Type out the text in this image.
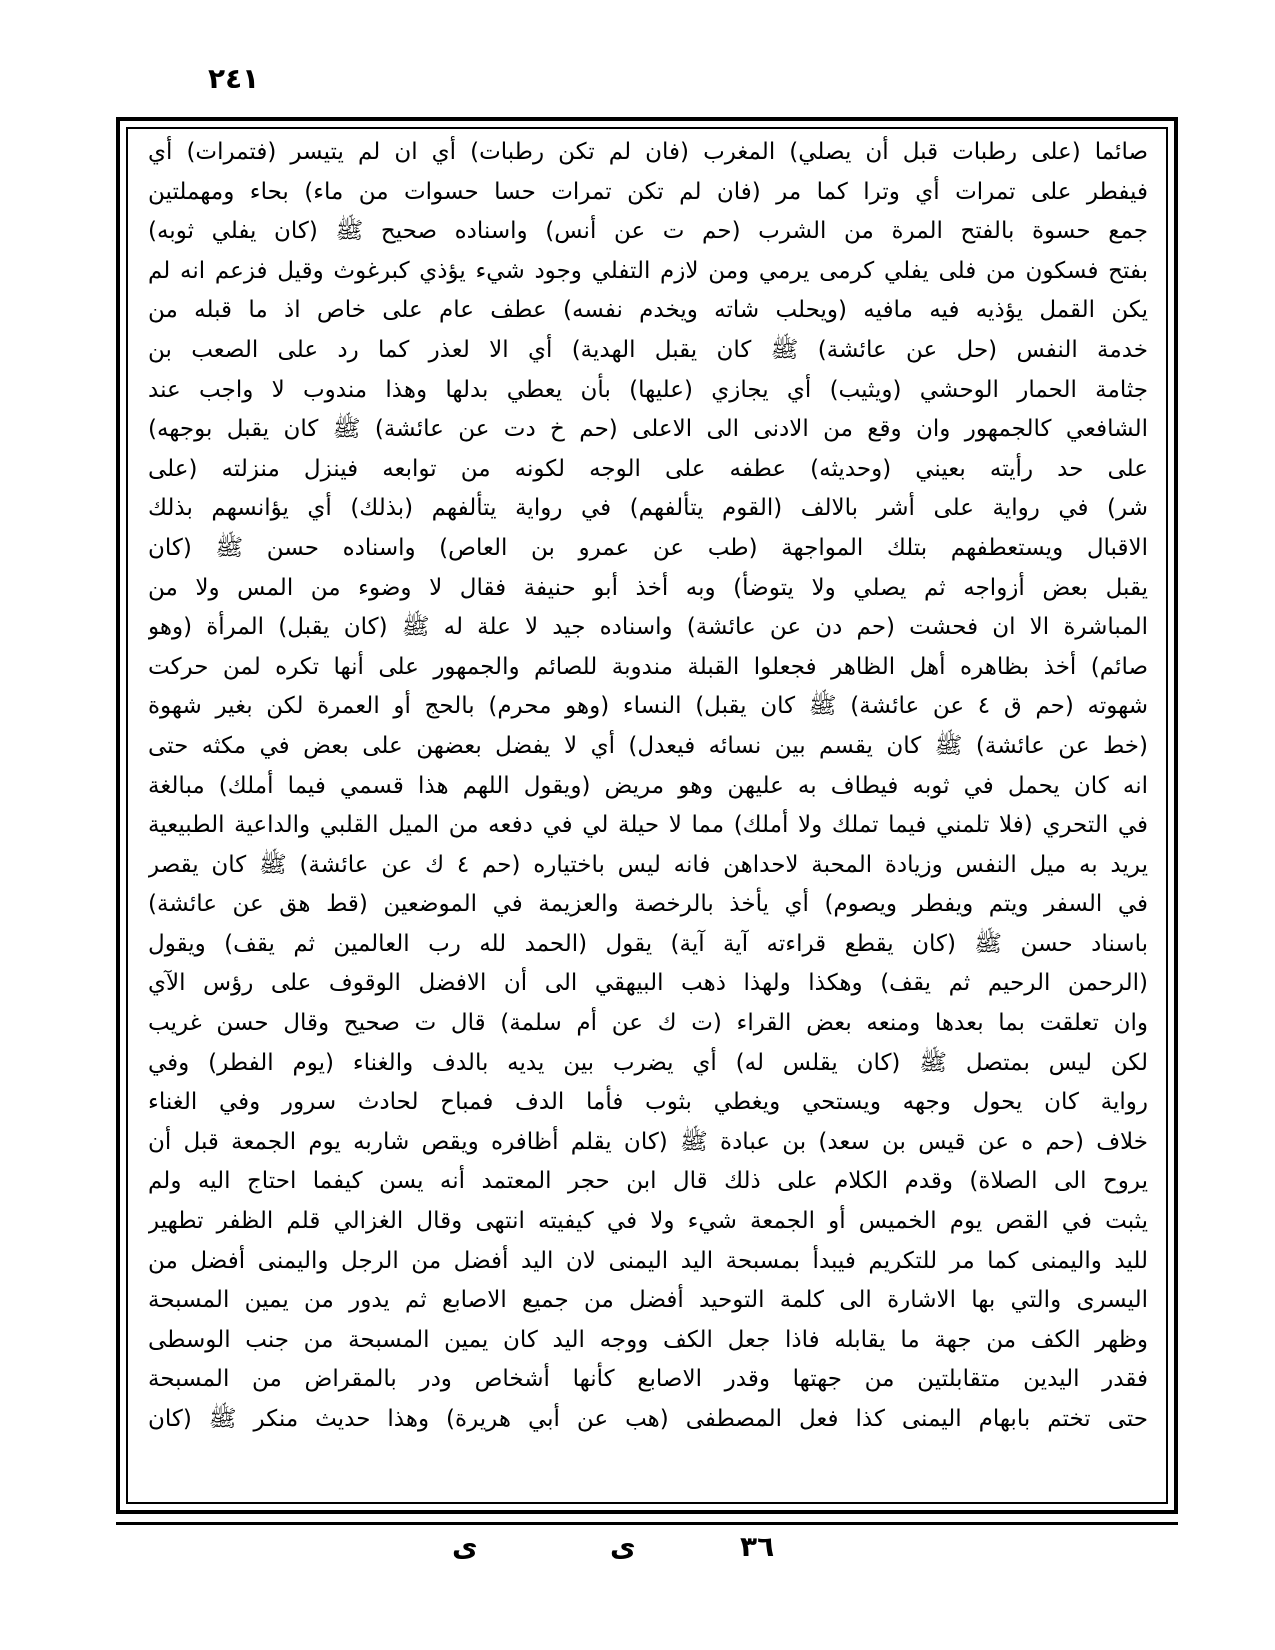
٢٤١
صائما (على رطبات قبل أن يصلي) المغرب (فان لم تكن رطبات) أي ان لم يتيسر (فتمرات) أي
فيفطر على تمرات أي وترا كما مر (فان لم تكن تمرات حسا حسوات من ماء) بحاء ومهملتين
جمع حسوة بالفتح المرة من الشرب (حم ت عن أنس) واسناده صحيح ﷺ (كان يفلي ثوبه)
بفتح فسكون من فلى يفلي كرمى يرمي ومن لازم التفلي وجود شيء يؤذي كبرغوث وقيل فزعم انه لم
يكن القمل يؤذيه فيه مافيه (ويحلب شاته ويخدم نفسه) عطف عام على خاص اذ ما قبله من
خدمة النفس (حل عن عائشة) ﷺ كان يقبل الهدية) أي الا لعذر كما رد على الصعب بن
جثامة الحمار الوحشي (ويثيب) أي يجازي (عليها) بأن يعطي بدلها وهذا مندوب لا واجب عند
الشافعي كالجمهور وان وقع من الادنى الى الاعلى (حم خ دت عن عائشة) ﷺ كان يقبل بوجهه)
على حد رأيته بعيني (وحديثه) عطفه على الوجه لكونه من توابعه فينزل منزلته (على
شر) في رواية على أشر بالالف (القوم يتألفهم) في رواية يتألفهم (بذلك) أي يؤانسهم بذلك
الاقبال ويستعطفهم بتلك المواجهة (طب عن عمرو بن العاص) واسناده حسن ﷺ (كان
يقبل بعض أزواجه ثم يصلي ولا يتوضأ) وبه أخذ أبو حنيفة فقال لا وضوء من المس ولا من
المباشرة الا ان فحشت (حم دن عن عائشة) واسناده جيد لا علة له ﷺ (كان يقبل) المرأة (وهو
صائم) أخذ بظاهره أهل الظاهر فجعلوا القبلة مندوبة للصائم والجمهور على أنها تكره لمن حركت
شهوته (حم ق ٤ عن عائشة) ﷺ كان يقبل) النساء (وهو محرم) بالحج أو العمرة لكن بغير شهوة
(خط عن عائشة) ﷺ كان يقسم بين نسائه فيعدل) أي لا يفضل بعضهن على بعض في مكثه حتى
انه كان يحمل في ثوبه فيطاف به عليهن وهو مريض (ويقول اللهم هذا قسمي فيما أملك) مبالغة
في التحري (فلا تلمني فيما تملك ولا أملك) مما لا حيلة لي في دفعه من الميل القلبي والداعية الطبيعية
يريد به ميل النفس وزيادة المحبة لاحداهن فانه ليس باختياره (حم ٤ ك عن عائشة) ﷺ كان يقصر
في السفر ويتم ويفطر ويصوم) أي يأخذ بالرخصة والعزيمة في الموضعين (قط هق عن عائشة)
باسناد حسن ﷺ (كان يقطع قراءته آية آية) يقول (الحمد لله رب العالمين ثم يقف) ويقول
(الرحمن الرحيم ثم يقف) وهكذا ولهذا ذهب البيهقي الى أن الافضل الوقوف على رؤس الآي
وان تعلقت بما بعدها ومنعه بعض القراء (ت ك عن أم سلمة) قال ت صحيح وقال حسن غريب
لكن ليس بمتصل ﷺ (كان يقلس له) أي يضرب بين يديه بالدف والغناء (يوم الفطر) وفي
رواية كان يحول وجهه ويستحي ويغطي بثوب فأما الدف فمباح لحادث سرور وفي الغناء
خلاف (حم ه عن قيس بن سعد) بن عبادة ﷺ (كان يقلم أظافره ويقص شاربه يوم الجمعة قبل أن
يروح الى الصلاة) وقدم الكلام على ذلك قال ابن حجر المعتمد أنه يسن كيفما احتاج اليه ولم
يثبت في القص يوم الخميس أو الجمعة شيء ولا في كيفيته انتهى وقال الغزالي قلم الظفر تطهير
لليد واليمنى كما مر للتكريم فيبدأ بمسبحة اليد اليمنى لان اليد أفضل من الرجل واليمنى أفضل من
اليسرى والتي بها الاشارة الى كلمة التوحيد أفضل من جميع الاصابع ثم يدور من يمين المسبحة
وظهر الكف من جهة ما يقابله فاذا جعل الكف ووجه اليد كان يمين المسبحة من جنب الوسطى
فقدر اليدين متقابلتين من جهتها وقدر الاصابع كأنها أشخاص ودر بالمقراض من المسبحة
حتى تختم بابهام اليمنى كذا فعل المصطفى (هب عن أبي هريرة) وهذا حديث منكر ﷺ (كان
٣٦
ى
ى
